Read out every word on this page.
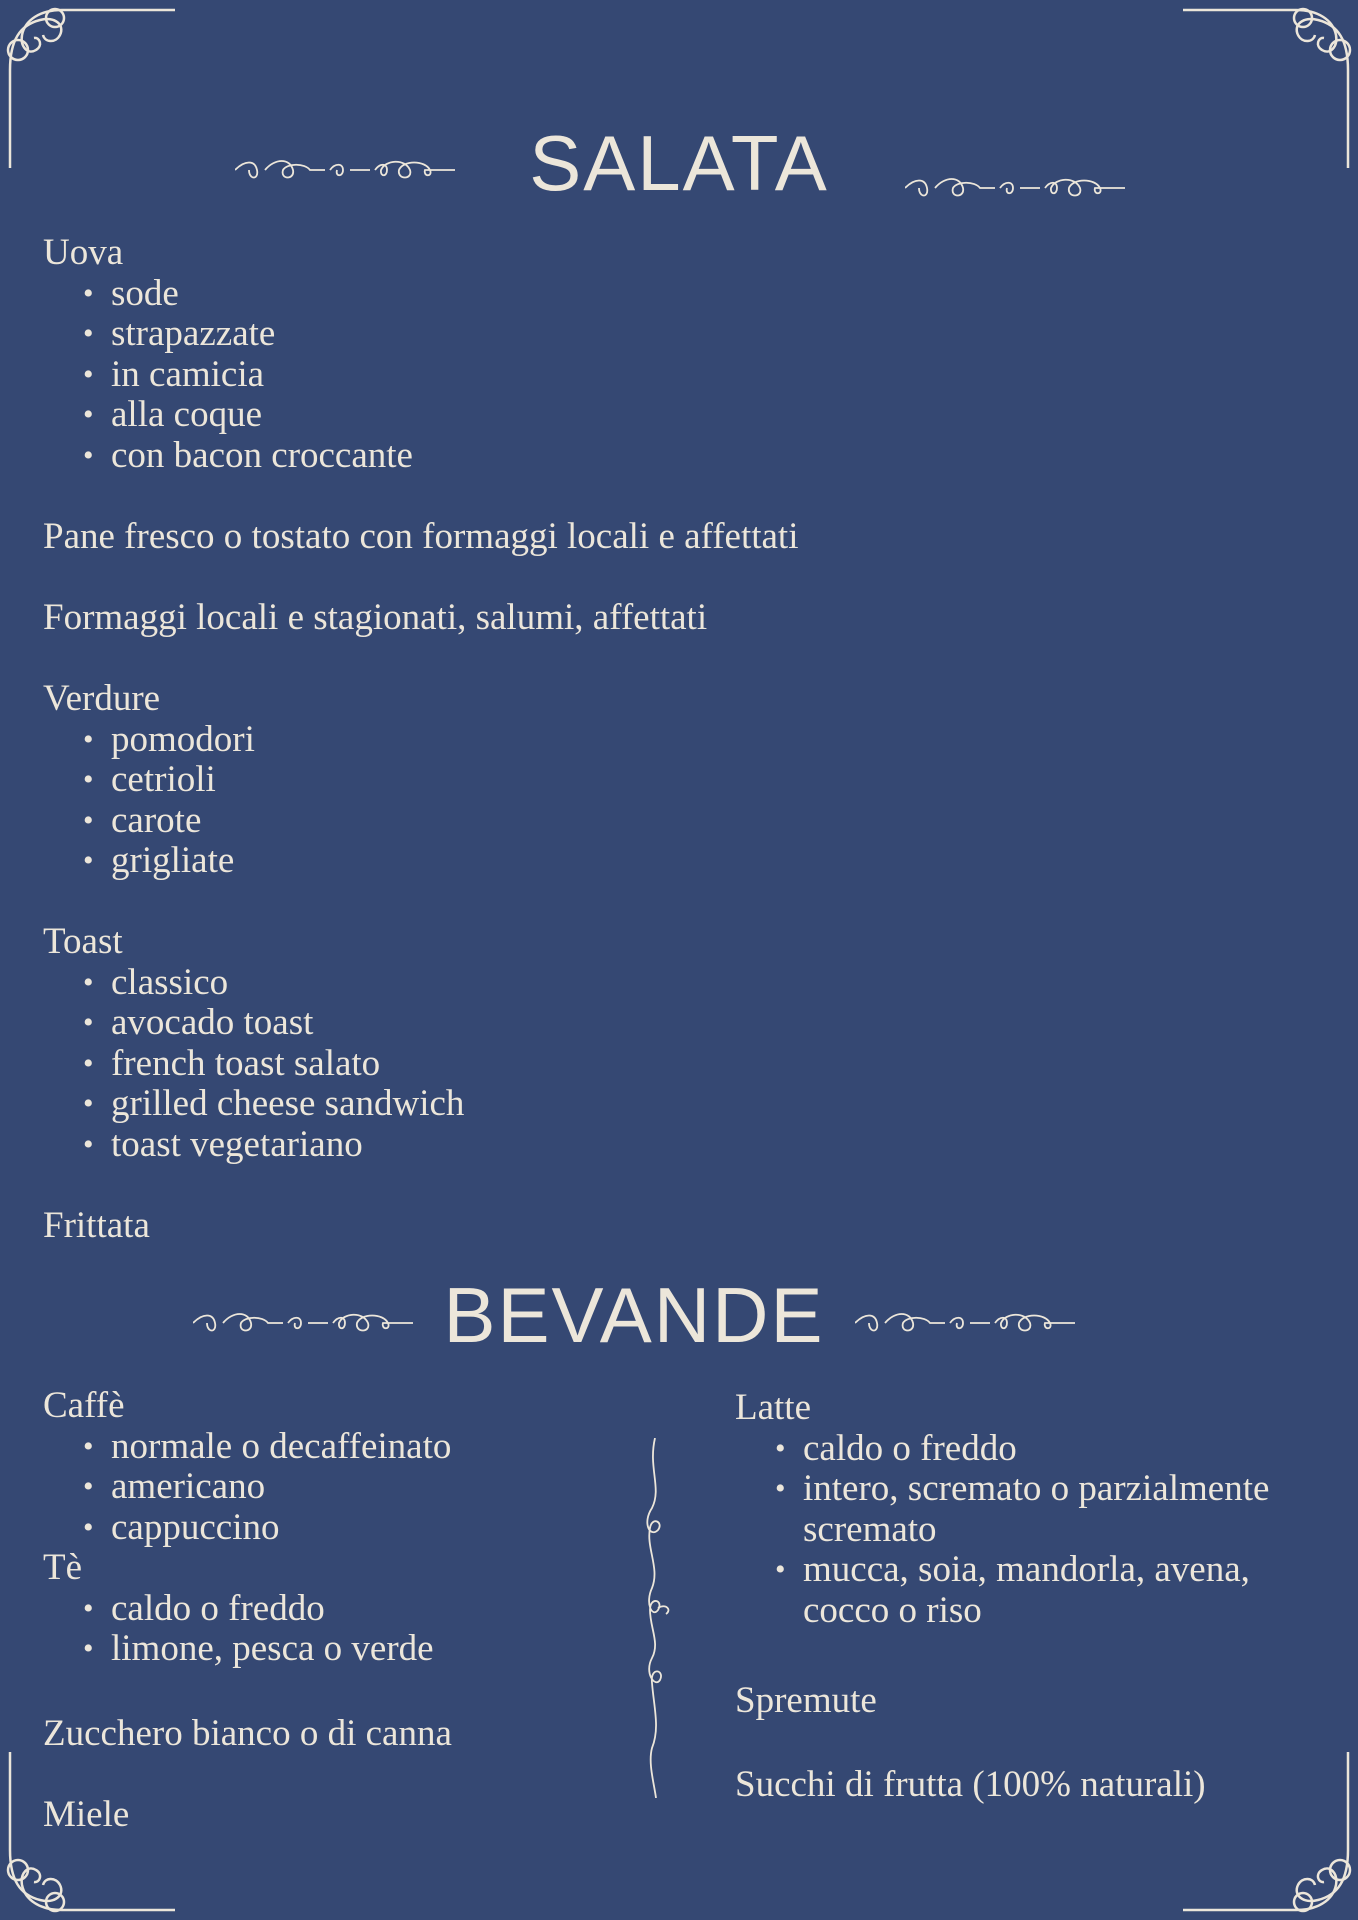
SALATA

Uova

• sode
• strapazzate
• in camicia
• alla coque
• con bacon croccante

Pane fresco o tostato con formaggi locali e affettati

Formaggi locali e stagionati, salumi, affettati

Verdure

• pomodori
• cetrioli
• carote
• grigliate

Toast

• classico
• avocado toast
• french toast salato
• grilled cheese sandwich
• toast vegetariano

Frittata

BEVANDE

Caffè

• normale o decaffeinato
• americano
• cappuccino

Tè

• caldo o freddo
• limone, pesca o verde

Zucchero bianco o di canna

Miele

Latte

• caldo o freddo
• intero, scremato o parzialmente scremato
• mucca, soia, mandorla, avena, cocco o riso

Spremute

Succhi di frutta (100% naturali)
